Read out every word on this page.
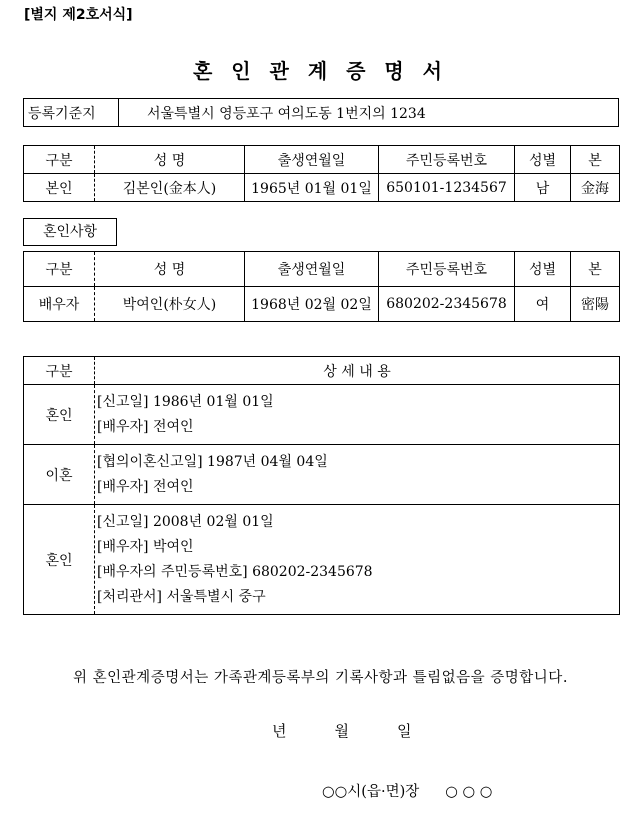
[별지 제2호서식]
혼 인 관 계 증 명 서
등록기준지	서울특별시 영등포구 여의도동 1번지의 1234
구분	성 명	출생연월일	주민등록번호	성별	본
본인	김본인(金本人)	1965년 01월 01일	650101-1234567	남	金海
혼인사항
구분	성 명	출생연월일	주민등록번호	성별	본
배우자	박여인(朴女人)	1968년 02월 02일	680202-2345678	여	密陽
구분	상 세 내 용
혼인	[신고일] 1986년 01월 01일
[배우자] 전여인

이혼	[협의이혼신고일] 1987년 04월 04일
[배우자] 전여인

혼인	[신고일] 2008년 02월 01일
[배우자] 박여인
[배우자의 주민등록번호] 680202-2345678
[처리관서] 서울특별시 중구
위 혼인관계증명서는 가족관계등록부의 기록사항과 틀림없음을 증명합니다.
년	월	일
○○시(읍·면)장 ○ ○ ○
